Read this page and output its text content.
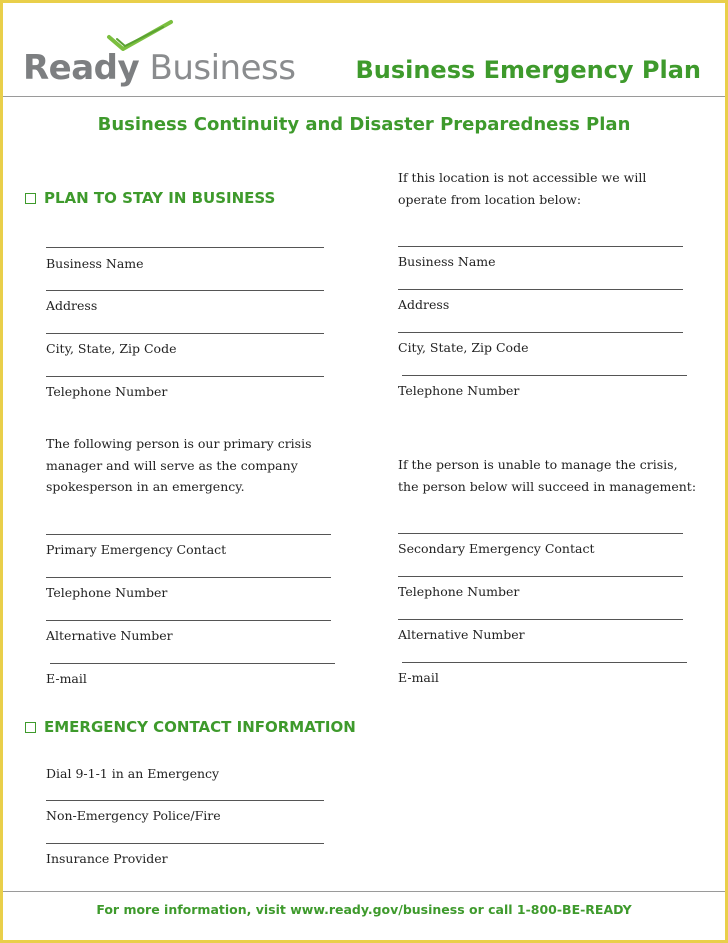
Ready Business	Business Emergency Plan
Business Continuity and Disaster Preparedness Plan
PLAN TO STAY IN BUSINESS
Business Name
Address
City, State, Zip Code
Telephone Number
The following person is our primary crisis manager and will serve as the company spokesperson in an emergency.
Primary Emergency Contact
Telephone Number
Alternative Number
E-mail
EMERGENCY CONTACT INFORMATION
Dial 9-1-1 in an Emergency
Non-Emergency Police/Fire
Insurance Provider
If this location is not accessible we will operate from location below:
Business Name
Address
City, State, Zip Code
Telephone Number
If the person is unable to manage the crisis, the person below will succeed in management:
Secondary Emergency Contact
Telephone Number
Alternative Number
E-mail
For more information, visit www.ready.gov/business or call 1-800-BE-READY
